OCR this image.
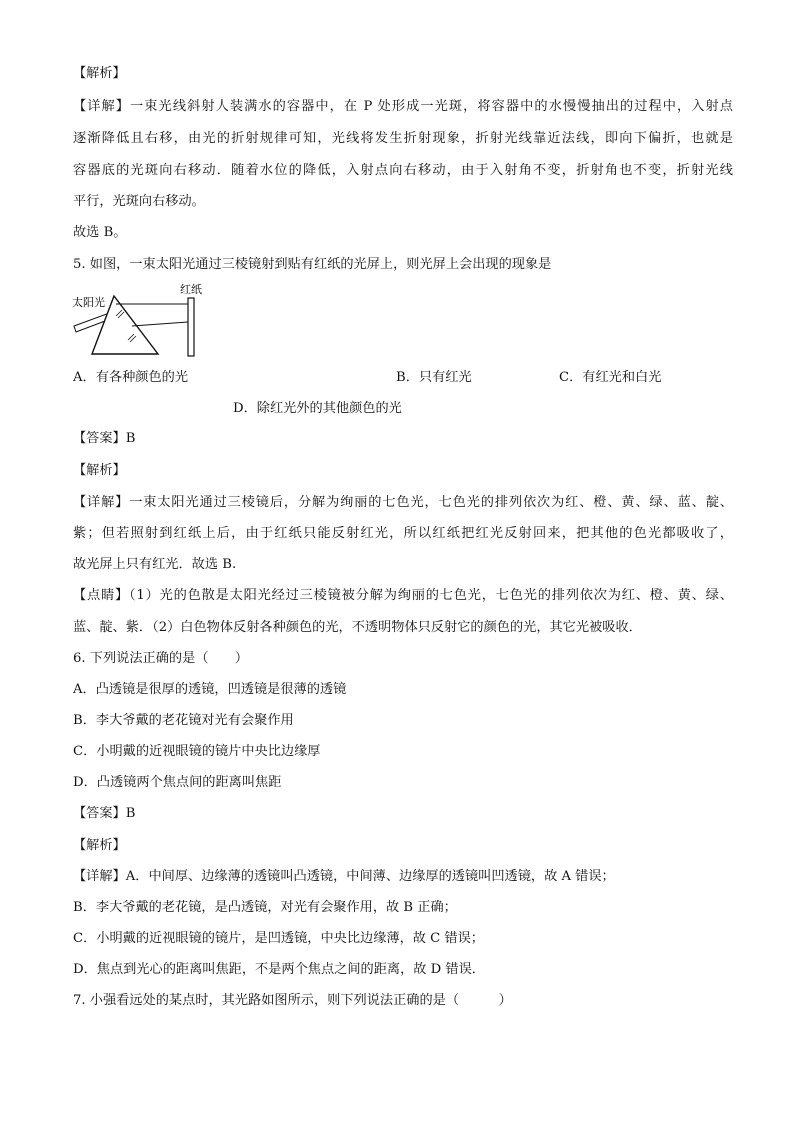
【解析】
【详解】一束光线斜射人装满水的容器中，在 P 处形成一光斑，将容器中的水慢慢抽出的过程中，入射点
逐渐降低且右移，由光的折射规律可知，光线将发生折射现象，折射光线靠近法线，即向下偏折，也就是
容器底的光斑向右移动．随着水位的降低，入射点向右移动，由于入射角不变，折射角也不变，折射光线
平行，光斑向右移动。
故选 B。
5. 如图，一束太阳光通过三棱镜射到贴有红纸的光屏上，则光屏上会出现的现象是
太阳光
红纸
A．有各种颜色的光	B．只有红光	C．有红光和白光
D．除红光外的其他颜色的光
【答案】B
【解析】
【详解】一束太阳光通过三棱镜后，分解为绚丽的七色光，七色光的排列依次为红、橙、黄、绿、蓝、靛、
紫；但若照射到红纸上后，由于红纸只能反射红光，所以红纸把红光反射回来，把其他的色光都吸收了，
故光屏上只有红光．故选 B.
【点睛】（1）光的色散是太阳光经过三棱镜被分解为绚丽的七色光，七色光的排列依次为红、橙、黄、绿、
蓝、靛、紫．（2）白色物体反射各种颜色的光，不透明物体只反射它的颜色的光，其它光被吸收．
6. 下列说法正确的是（　　）
A．凸透镜是很厚的透镜，凹透镜是很薄的透镜
B．李大爷戴的老花镜对光有会聚作用
C．小明戴的近视眼镜的镜片中央比边缘厚
D．凸透镜两个焦点间的距离叫焦距
【答案】B
【解析】
【详解】A．中间厚、边缘薄的透镜叫凸透镜，中间薄、边缘厚的透镜叫凹透镜，故 A 错误；
B．李大爷戴的老花镜，是凸透镜，对光有会聚作用，故 B 正确；
C．小明戴的近视眼镜的镜片，是凹透镜，中央比边缘薄，故 C 错误；
D．焦点到光心的距离叫焦距，不是两个焦点之间的距离，故 D 错误．
7. 小强看远处的某点时，其光路如图所示，则下列说法正确的是（　　　）
